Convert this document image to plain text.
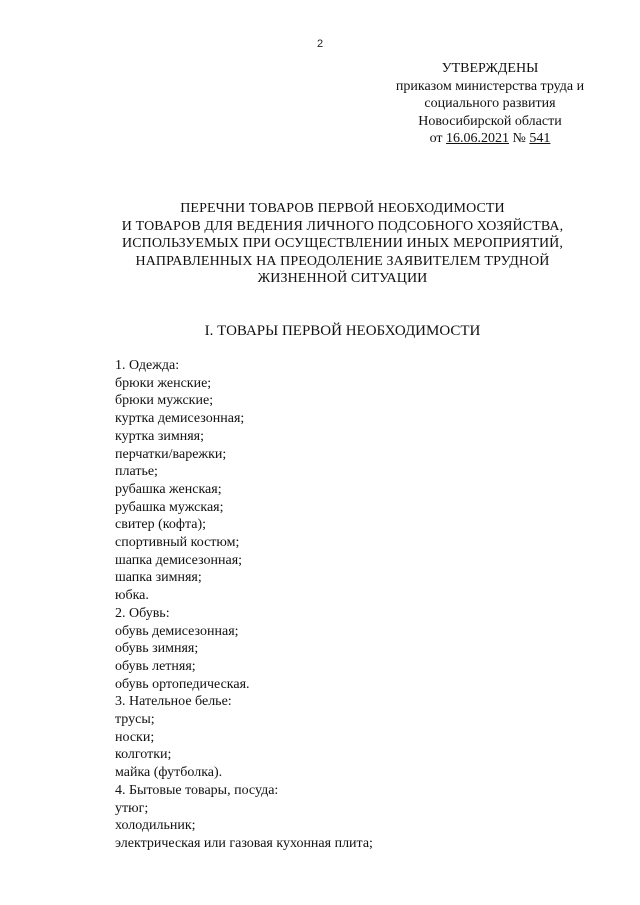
2
УТВЕРЖДЕНЫ
приказом министерства труда и
социального развития
Новосибирской области
от 16.06.2021 № 541
ПЕРЕЧНИ ТОВАРОВ ПЕРВОЙ НЕОБХОДИМОСТИ
И ТОВАРОВ ДЛЯ ВЕДЕНИЯ ЛИЧНОГО ПОДСОБНОГО ХОЗЯЙСТВА,
ИСПОЛЬЗУЕМЫХ ПРИ ОСУЩЕСТВЛЕНИИ ИНЫХ МЕРОПРИЯТИЙ,
НАПРАВЛЕННЫХ НА ПРЕОДОЛЕНИЕ ЗАЯВИТЕЛЕМ ТРУДНОЙ
ЖИЗНЕННОЙ СИТУАЦИИ
I. ТОВАРЫ ПЕРВОЙ НЕОБХОДИМОСТИ
1. Одежда:
брюки женские;
брюки мужские;
куртка демисезонная;
куртка зимняя;
перчатки/варежки;
платье;
рубашка женская;
рубашка мужская;
свитер (кофта);
спортивный костюм;
шапка демисезонная;
шапка зимняя;
юбка.
2. Обувь:
обувь демисезонная;
обувь зимняя;
обувь летняя;
обувь ортопедическая.
3. Нательное белье:
трусы;
носки;
колготки;
майка (футболка).
4. Бытовые товары, посуда:
утюг;
холодильник;
электрическая или газовая кухонная плита;
